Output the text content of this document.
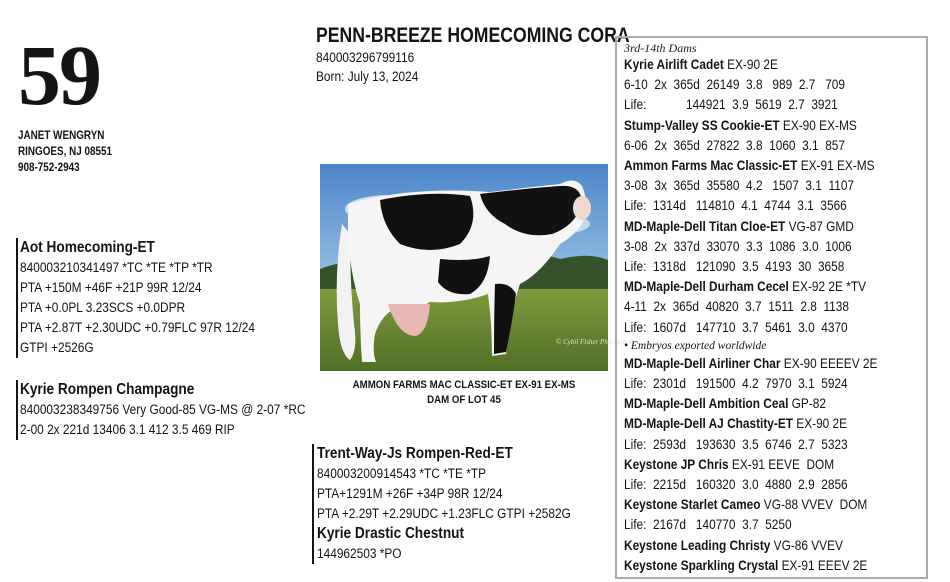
59
JANET WENGRYN
RINGOES, NJ 08551
908-752-2943
PENN-BREEZE HOMECOMING CORA
840003296799116
Born: July 13, 2024
Aot Homecoming-ET
840003210341497 *TC *TE *TP *TR
PTA +150M +46F +21P 99R 12/24
PTA +0.0PL 3.23SCS +0.0DPR
PTA +2.87T +2.30UDC +0.79FLC 97R 12/24
GTPI +2526G
Kyrie Rompen Champagne
840003238349756 Very Good-85 VG-MS @ 2-07 *RC
2-00 2x 221d 13406 3.1 412 3.5 469 RIP
© Cybil Fisher Photography
AMMON FARMS MAC CLASSIC-ET EX-91 EX-MS
DAM OF LOT 45
Trent-Way-Js Rompen-Red-ET
840003200914543 *TC *TE *TP
PTA+1291M +26F +34P 98R 12/24
PTA +2.29T +2.29UDC +1.23FLC GTPI +2582G
Kyrie Drastic Chestnut
144962503 *PO
3rd-14th Dams
Kyrie Airlift Cadet EX-90 2E
6-10  2x  365d  26149  3.8   989  2.7   709
Life:            144921  3.9  5619  2.7  3921
Stump-Valley SS Cookie-ET EX-90 EX-MS
6-06  2x  365d  27822  3.8  1060  3.1  857
Ammon Farms Mac Classic-ET EX-91 EX-MS
3-08  3x  365d  35580  4.2   1507  3.1  1107
Life:  1314d   114810  4.1  4744  3.1  3566
MD-Maple-Dell Titan Cloe-ET VG-87 GMD
3-08  2x  337d  33070  3.3  1086  3.0  1006
Life:  1318d   121090  3.5  4193  30  3658
MD-Maple-Dell Durham Cecel EX-92 2E *TV
4-11  2x  365d  40820  3.7  1511  2.8  1138
Life:  1607d   147710  3.7  5461  3.0  4370
• Embryos exported worldwide
MD-Maple-Dell Airliner Char EX-90 EEEEV 2E
Life:  2301d   191500  4.2  7970  3.1  5924
MD-Maple-Dell Ambition Ceal GP-82
MD-Maple-Dell AJ Chastity-ET EX-90 2E
Life:  2593d   193630  3.5  6746  2.7  5323
Keystone JP Chris EX-91 EEVE  DOM
Life:  2215d   160320  3.0  4880  2.9  2856
Keystone Starlet Cameo VG-88 VVEV  DOM
Life:  2167d   140770  3.7  5250
Keystone Leading Christy VG-86 VVEV
Keystone Sparkling Crystal EX-91 EEEV 2E
